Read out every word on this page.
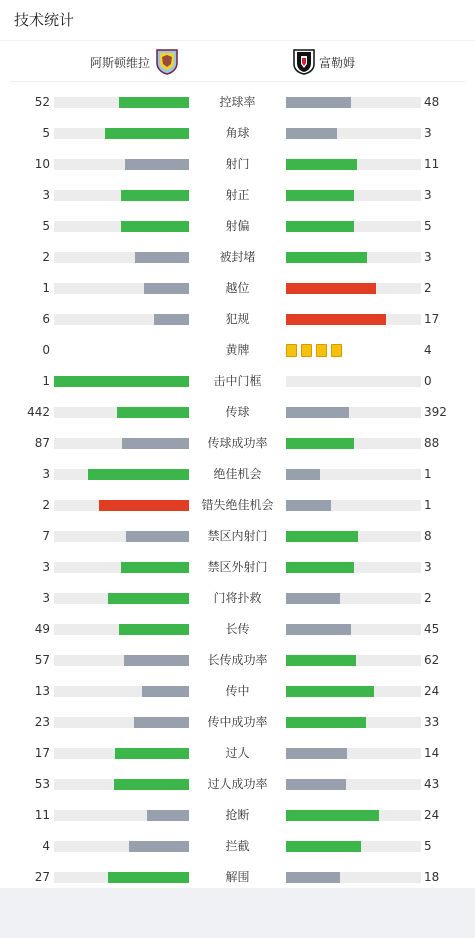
技术统计
阿斯顿维拉	富勒姆
52	控球率	48
5	角球	3
10	射门	11
3	射正	3
5	射偏	5
2	被封堵	3
1	越位	2
6	犯规	17
0	黄牌	4
1	击中门框	0
442	传球	392
87	传球成功率	88
3	绝佳机会	1
2	错失绝佳机会	1
7	禁区内射门	8
3	禁区外射门	3
3	门将扑救	2
49	长传	45
57	长传成功率	62
13	传中	24
23	传中成功率	33
17	过人	14
53	过人成功率	43
11	抢断	24
4	拦截	5
27	解围	18
